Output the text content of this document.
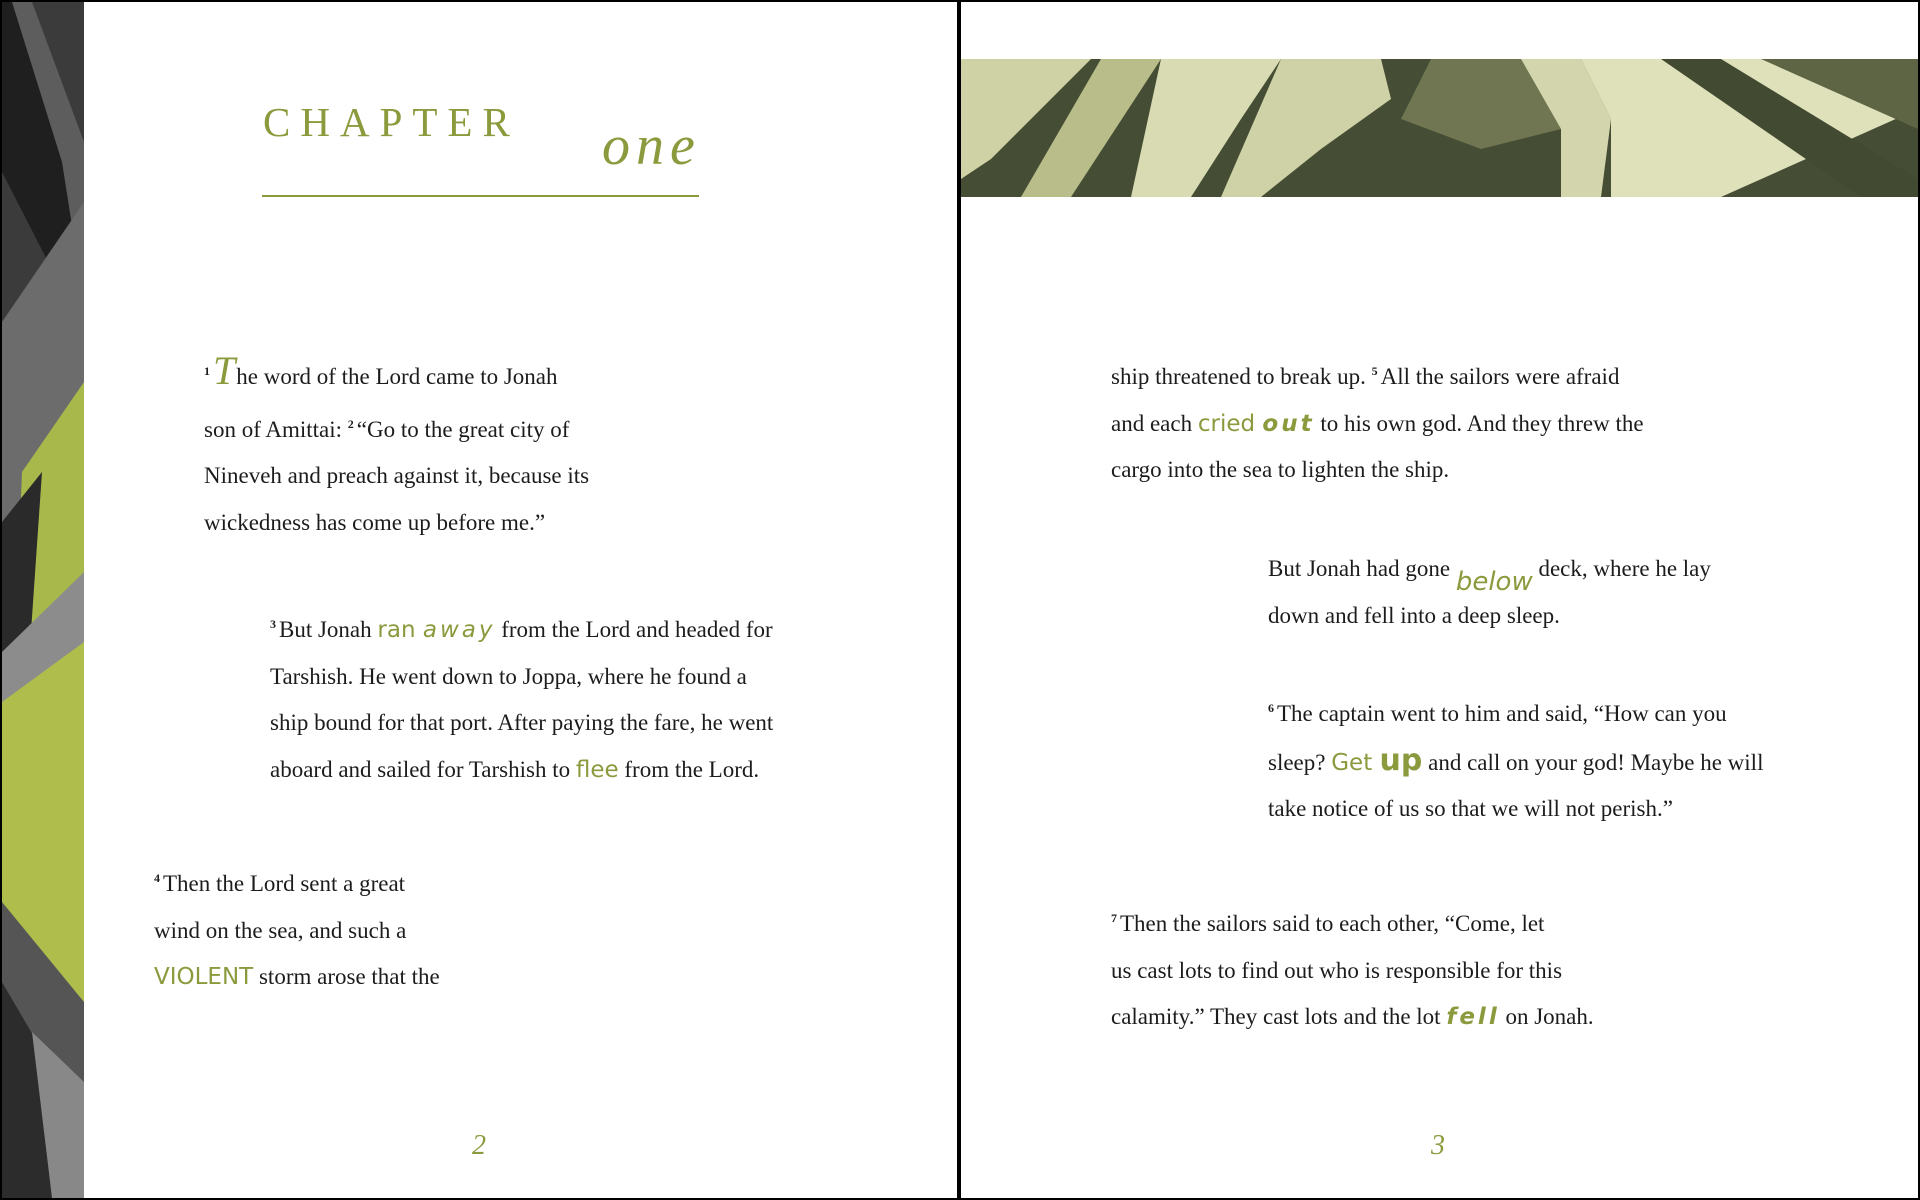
CHAPTER one
$^1$The word of the Lord came to Jonah
son of Amittai: $^2$ “Go to the great city of
Nineveh and preach against it, because its
wickedness has come up before me.”
$^3$ But Jonah ran away from the Lord and headed for
Tarshish. He went down to Joppa, where he found a
ship bound for that port. After paying the fare, he went
aboard and sailed for Tarshish to flee from the Lord.
$^4$ Then the Lord sent a great
wind on the sea, and such a
VIOLENT storm arose that the
2
ship threatened to break up. $^5$ All the sailors were afraid
and each cried out to his own god. And they threw the
cargo into the sea to lighten the ship.
But Jonah had gone below deck, where he lay
down and fell into a deep sleep.
$^6$ The captain went to him and said, “How can you
sleep? Get up and call on your god! Maybe he will
take notice of us so that we will not perish.”
$^7$ Then the sailors said to each other, “Come, let
us cast lots to find out who is responsible for this
calamity.” They cast lots and the lot fell on Jonah.
3
